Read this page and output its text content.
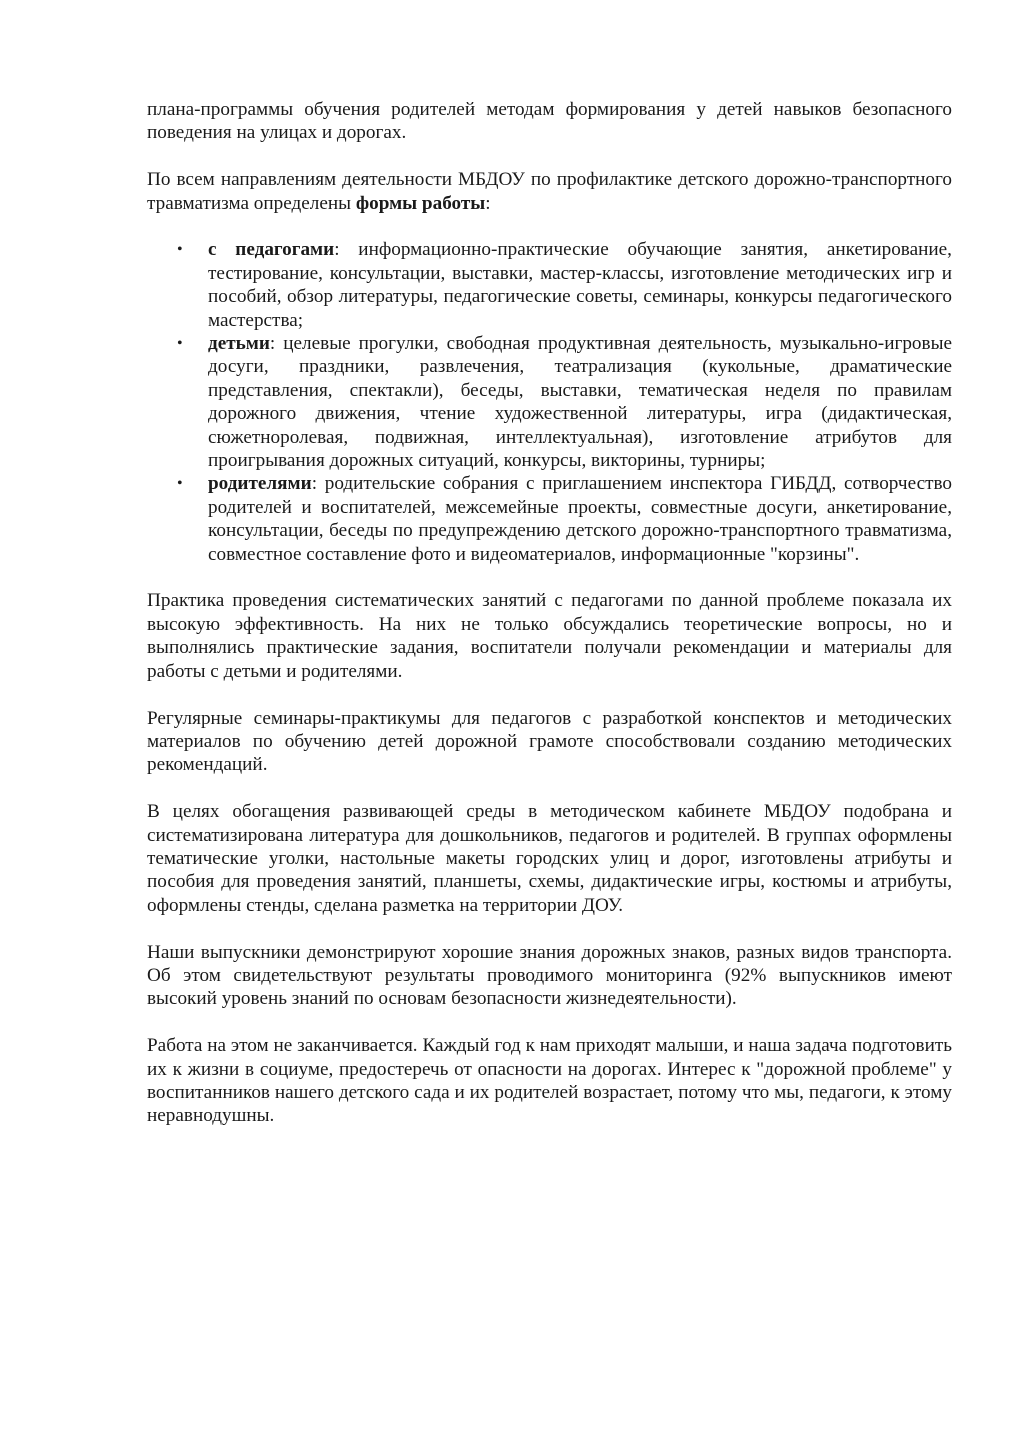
плана-программы обучения родителей методам формирования у детей навыков безопасного поведения на улицах и дорогах.

По всем направлениям деятельности МБДОУ по профилактике детского дорожно-транспортного травматизма определены формы работы:

• с педагогами: информационно-практические обучающие занятия, анкетирование, тестирование, консультации, выставки, мастер-классы, изготовление методических игр и пособий, обзор литературы, педагогические советы, семинары, конкурсы педагогического мастерства;
• детьми: целевые прогулки, свободная продуктивная деятельность, музыкально-игровые досуги, праздники, развлечения, театрализация (кукольные, драматические представления, спектакли), беседы, выставки, тематическая неделя по правилам дорожного движения, чтение художественной литературы, игра (дидактическая, сюжетноролевая, подвижная, интеллектуальная), изготовление атрибутов для проигрывания дорожных ситуаций, конкурсы, викторины, турниры;
• родителями: родительские собрания с приглашением инспектора ГИБДД, сотворчество родителей и воспитателей, межсемейные проекты, совместные досуги, анкетирование, консультации, беседы по предупреждению детского дорожно-транспортного травматизма, совместное составление фото и видеоматериалов, информационные "корзины".

Практика проведения систематических занятий с педагогами по данной проблеме показала их высокую эффективность. На них не только обсуждались теоретические вопросы, но и выполнялись практические задания, воспитатели получали рекомендации и материалы для работы с детьми и родителями.

Регулярные семинары-практикумы для педагогов с разработкой конспектов и методических материалов по обучению детей дорожной грамоте способствовали созданию методических рекомендаций.

В целях обогащения развивающей среды в методическом кабинете МБДОУ подобрана и систематизирована литература для дошкольников, педагогов и родителей. В группах оформлены тематические уголки, настольные макеты городских улиц и дорог, изготовлены атрибуты и пособия для проведения занятий, планшеты, схемы, дидактические игры, костюмы и атрибуты, оформлены стенды, сделана разметка на территории ДОУ.

Наши выпускники демонстрируют хорошие знания дорожных знаков, разных видов транспорта. Об этом свидетельствуют результаты проводимого мониторинга (92% выпускников имеют высокий уровень знаний по основам безопасности жизнедеятельности).

Работа на этом не заканчивается. Каждый год к нам приходят малыши, и наша задача подготовить их к жизни в социуме, предостеречь от опасности на дорогах. Интерес к "дорожной проблеме" у воспитанников нашего детского сада и их родителей возрастает, потому что мы, педагоги, к этому неравнодушны.
